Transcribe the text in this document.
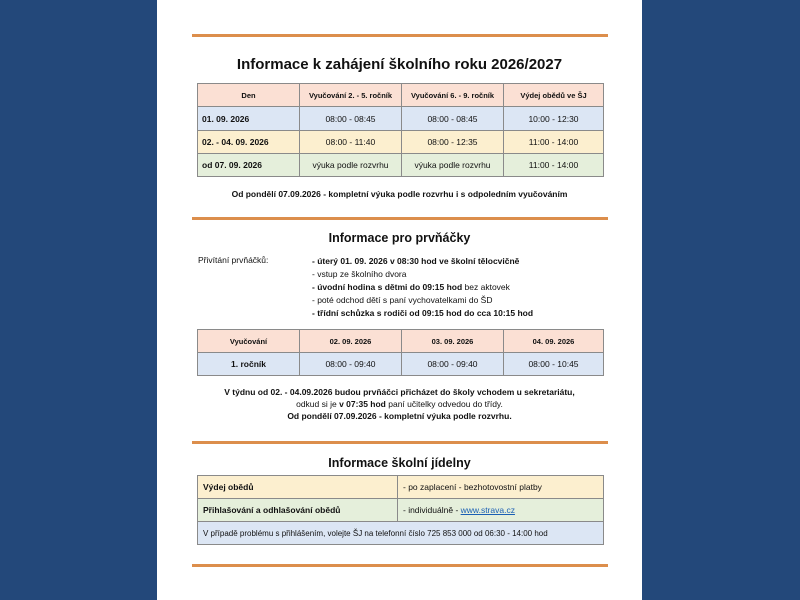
Informace k zahájení školního roku 2026/2027
Den	Vyučování 2. - 5. ročník	Vyučování 6. - 9. ročník	Výdej obědů ve ŠJ
01. 09. 2026	08:00 - 08:45	08:00 - 08:45	10:00 - 12:30
02. - 04. 09. 2026	08:00 - 11:40	08:00 - 12:35	11:00 - 14:00
od 07. 09. 2026	výuka podle rozvrhu	výuka podle rozvrhu	11:00 - 14:00
Od pondělí 07.09.2026 - kompletní výuka podle rozvrhu i s odpoledním vyučováním
Informace pro prvňáčky
Přivítání prvňáčků:	- úterý 01. 09. 2026 v 08:30 hod ve školní tělocvičně
- vstup ze školního dvora
- úvodní hodina s dětmi do 09:15 hod bez aktovek
- poté odchod dětí s paní vychovatelkami do ŠD
- třídní schůzka s rodiči od 09:15 hod do cca 10:15 hod
Vyučování	02. 09. 2026	03. 09. 2026	04. 09. 2026
1. ročník	08:00 - 09:40	08:00 - 09:40	08:00 - 10:45
V týdnu od 02. - 04.09.2026 budou prvňáčci přicházet do školy vchodem u sekretariátu,
odkud si je v 07:35 hod paní učitelky odvedou do třídy.
Od pondělí 07.09.2026 - kompletní výuka podle rozvrhu.
Informace školní jídelny
Výdej obědů	- po zaplacení - bezhotovostní platby
Přihlašování a odhlašování obědů	- individuálně - www.strava.cz
V případě problému s přihlášením, volejte ŠJ na telefonní číslo 725 853 000 od 06:30 - 14:00 hod	
